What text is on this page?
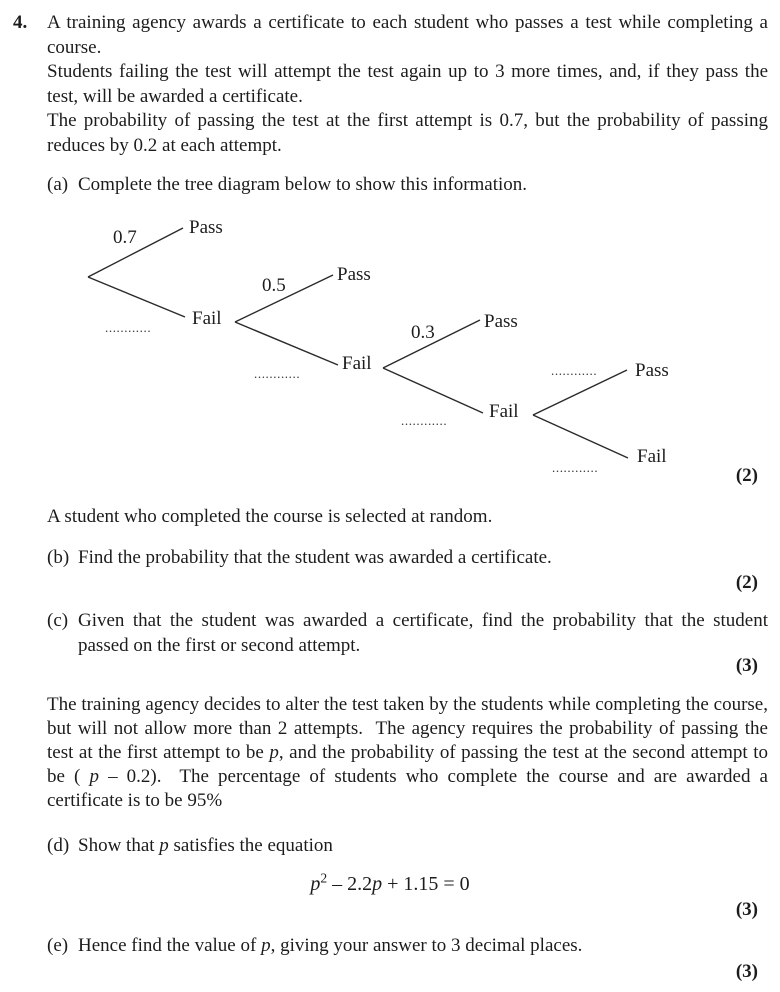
4. A training agency awards a certificate to each student who passes a test while completing a course.

Students failing the test will attempt the test again up to 3 more times, and, if they pass the test, will be awarded a certificate.

The probability of passing the test at the first attempt is 0.7, but the probability of passing reduces by 0.2 at each attempt.

(a) Complete the tree diagram below to show this information.
0.7	Pass
Fail
............
0.5
Pass
Fail
............
0.3
Pass
Fail
............
............ Pass
Fail
............	(2)
A student who completed the course is selected at random.
(b) Find the probability that the student was awarded a certificate.
(2)
(c) Given that the student was awarded a certificate, find the probability that the student passed on the first or second attempt.
(3)
The training agency decides to alter the test taken by the students while completing the course, but will not allow more than 2 attempts.  The agency requires the probability of passing the test at the first attempt to be p, and the probability of passing the test at the second attempt to be ( p – 0.2).  The percentage of students who complete the course and are awarded a certificate is to be 95%
(d) Show that p satisfies the equation
$p^2 - 2.2p + 1.15 = 0$
(3)
(e) Hence find the value of p, giving your answer to 3 decimal places.
(3)
